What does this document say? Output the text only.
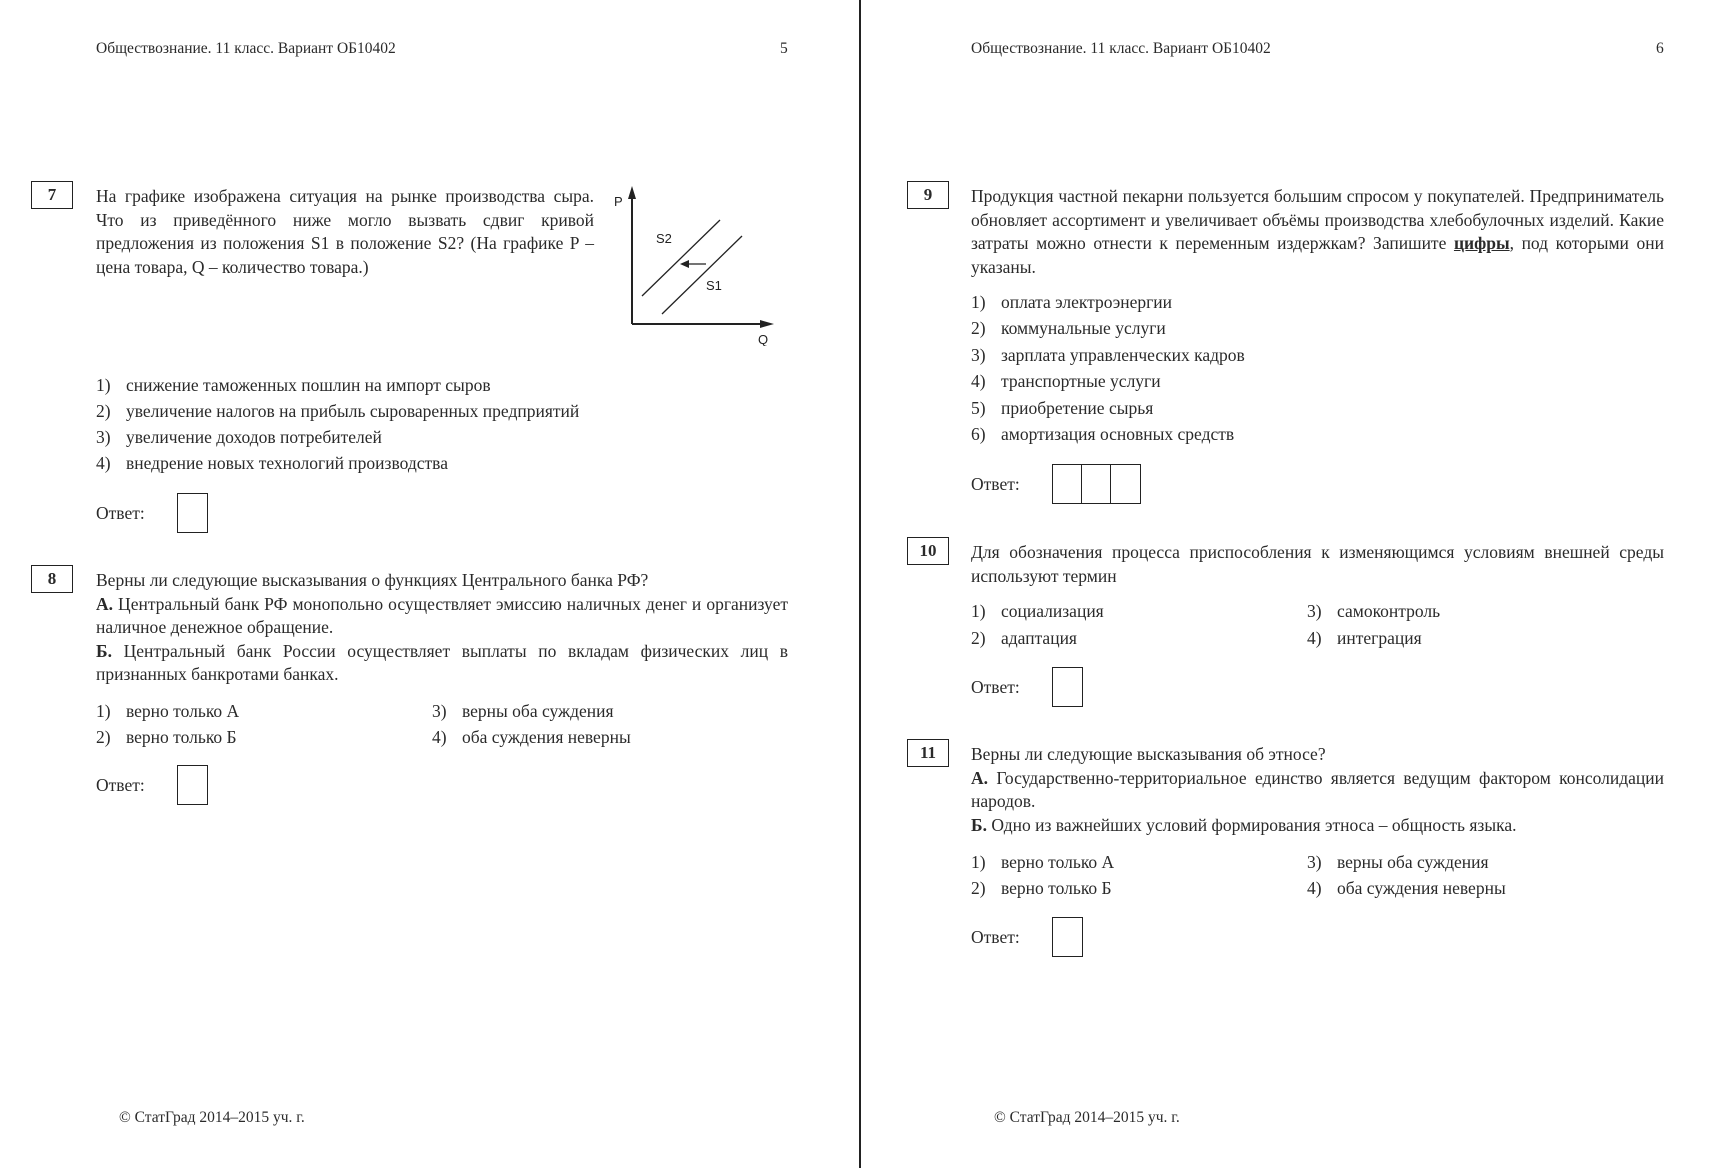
Обществознание. 11 класс. Вариант ОБ10402	5
7	На графике изображена ситуация на рынке производства сыра. Что из приведённого ниже могло вызвать сдвиг кривой предложения из положения S1 в положение S2? (На графике P – цена товара, Q – количество товара.)

P
Q
S2
S1
1) снижение таможенных пошлин на импорт сыров
2) увеличение налогов на прибыль сыроваренных предприятий
3) увеличение доходов потребителей
4) внедрение новых технологий производства
Ответ:
8	Верны ли следующие высказывания о функциях Центрального банка РФ?

А. Центральный банк РФ монопольно осуществляет эмиссию наличных денег и организует наличное денежное обращение.

Б. Центральный банк России осуществляет выплаты по вкладам физических лиц в признанных банкротами банках.

1) верно только А
2) верно только Б
3) верны оба суждения
4) оба суждения неверны
Ответ:
© СтатГрад 2014–2015 уч. г.
Обществознание. 11 класс. Вариант ОБ10402	6
9	Продукция частной пекарни пользуется большим спросом у покупателей. Предприниматель обновляет ассортимент и увеличивает объёмы производства хлебобулочных изделий. Какие затраты можно отнести к переменным издержкам? Запишите цифры, под которыми они указаны.

1) оплата электроэнергии
2) коммунальные услуги
3) зарплата управленческих кадров
4) транспортные услуги
5) приобретение сырья
6) амортизация основных средств
Ответ:
10	Для обозначения процесса приспособления к изменяющимся условиям внешней среды используют термин

1) социализация
2) адаптация
3) самоконтроль
4) интеграция
Ответ:
11	Верны ли следующие высказывания об этносе?

А. Государственно-территориальное единство является ведущим фактором консолидации народов.

Б. Одно из важнейших условий формирования этноса – общность языка.

1) верно только А
2) верно только Б
3) верны оба суждения
4) оба суждения неверны
Ответ:
© СтатГрад 2014–2015 уч. г.
